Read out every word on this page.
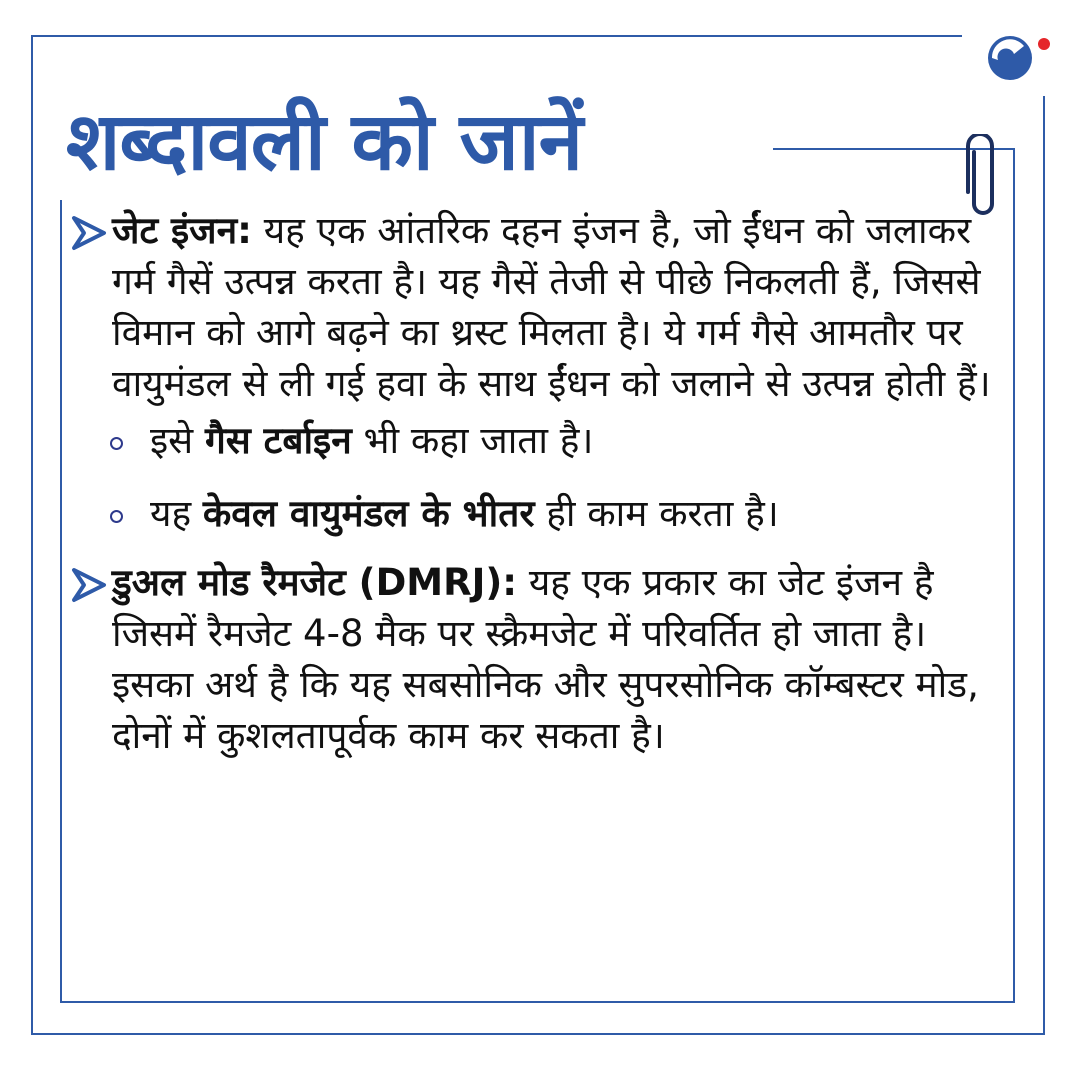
शब्दावली को जानें

जेट इंजन: यह एक आंतरिक दहन इंजन है, जो ईंधन को जलाकर गर्म गैसें उत्पन्न करता है। यह गैसें तेजी से पीछे निकलती हैं, जिससे विमान को आगे बढ़ने का थ्रस्ट मिलता है। ये गर्म गैसे आमतौर पर वायुमंडल से ली गई हवा के साथ ईंधन को जलाने से उत्पन्न होती हैं।

इसे गैस टर्बाइन भी कहा जाता है।
यह केवल वायुमंडल के भीतर ही काम करता है।

डुअल मोड रैमजेट (DMRJ): यह एक प्रकार का जेट इंजन है जिसमें रैमजेट 4-8 मैक पर स्क्रैमजेट में परिवर्तित हो जाता है। इसका अर्थ है कि यह सबसोनिक और सुपरसोनिक कॉम्बस्टर मोड, दोनों में कुशलतापूर्वक काम कर सकता है।
